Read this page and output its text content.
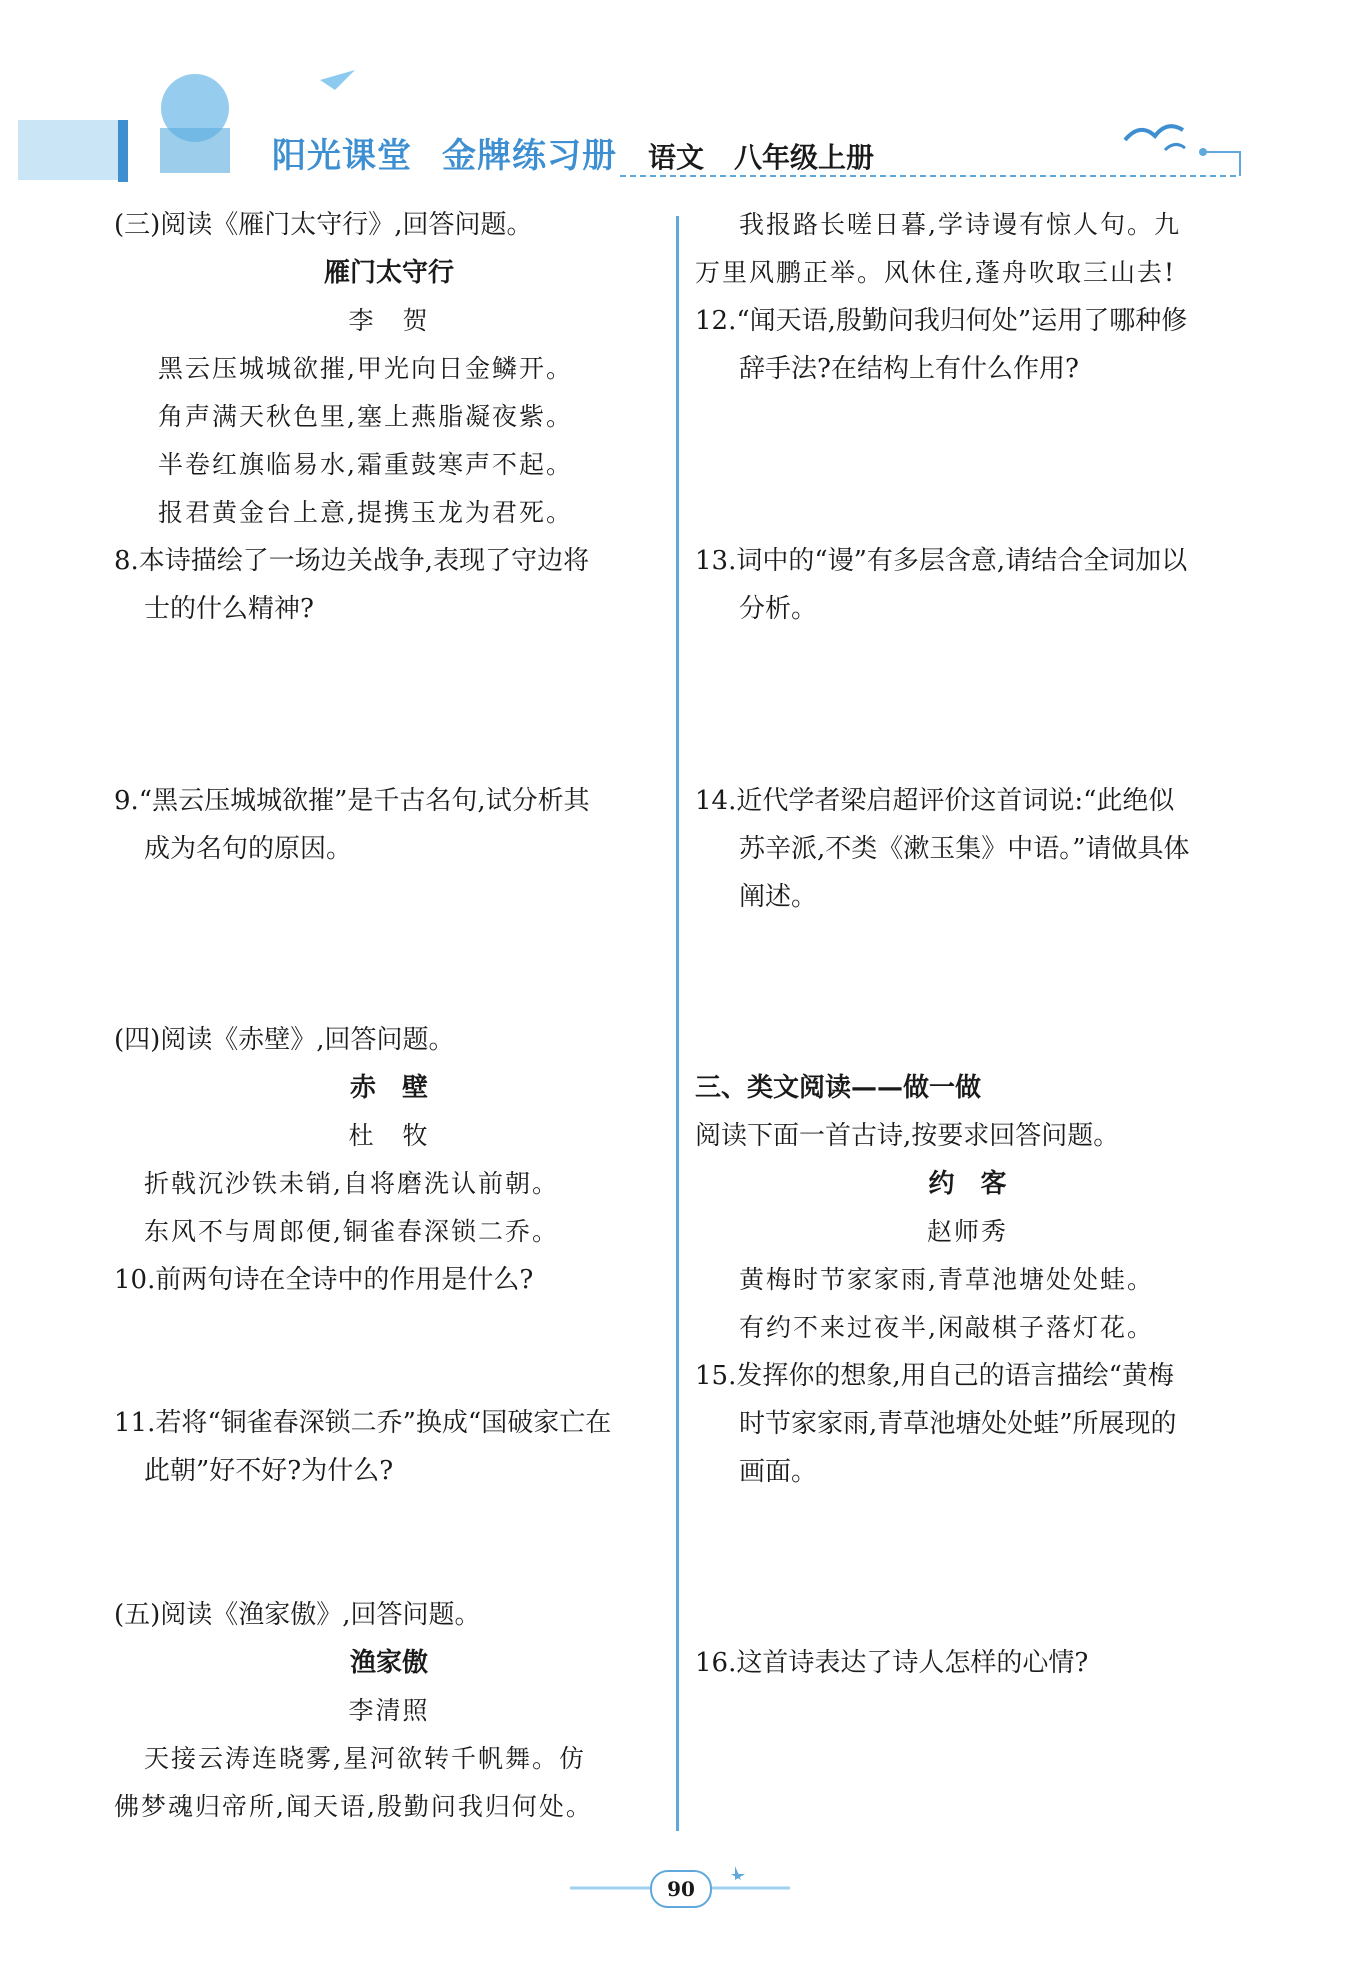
阳光课堂 金牌练习册	语文 八年级上册
(三)阅读《雁门太守行》,回答问题。
雁门太守行
李　贺
黑云压城城欲摧,甲光向日金鳞开。
角声满天秋色里,塞上燕脂凝夜紫。
半卷红旗临易水,霜重鼓寒声不起。
报君黄金台上意,提携玉龙为君死。
8.本诗描绘了一场边关战争,表现了守边将
士的什么精神?
9.“黑云压城城欲摧”是千古名句,试分析其
成为名句的原因。
(四)阅读《赤壁》,回答问题。
赤　壁
杜　牧
折戟沉沙铁未销,自将磨洗认前朝。
东风不与周郎便,铜雀春深锁二乔。
10.前两句诗在全诗中的作用是什么?
11.若将“铜雀春深锁二乔”换成“国破家亡在
此朝”好不好?为什么?
(五)阅读《渔家傲》,回答问题。
渔家傲
李清照
天接云涛连晓雾,星河欲转千帆舞。仿
佛梦魂归帝所,闻天语,殷勤问我归何处。
我报路长嗟日暮,学诗谩有惊人句。九
万里风鹏正举。风休住,蓬舟吹取三山去!
12.“闻天语,殷勤问我归何处”运用了哪种修
辞手法?在结构上有什么作用?
13.词中的“谩”有多层含意,请结合全词加以
分析。
14.近代学者梁启超评价这首词说:“此绝似
苏辛派,不类《漱玉集》中语。”请做具体
阐述。
三、类文阅读——做一做
阅读下面一首古诗,按要求回答问题。
约　客
赵师秀
黄梅时节家家雨,青草池塘处处蛙。
有约不来过夜半,闲敲棋子落灯花。
15.发挥你的想象,用自己的语言描绘“黄梅
时节家家雨,青草池塘处处蛙”所展现的
画面。
16.这首诗表达了诗人怎样的心情?
90
